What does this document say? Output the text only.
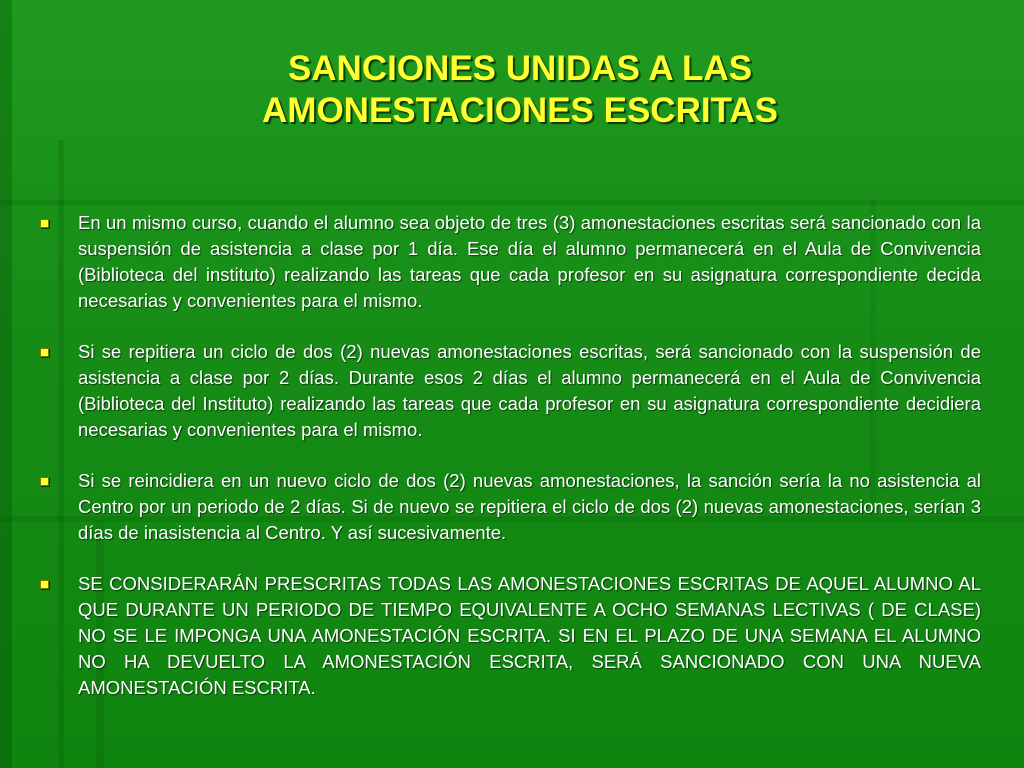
SANCIONES UNIDAS A LAS
AMONESTACIONES ESCRITAS
En un mismo curso, cuando el alumno sea objeto de tres (3) amonestaciones escritas será sancionado con la suspensión de asistencia a clase por 1 día. Ese día el alumno permanecerá en el Aula de Convivencia (Biblioteca del instituto) realizando las tareas que cada profesor en su asignatura correspondiente decida necesarias y convenientes para el mismo.
Si se repitiera un ciclo de dos (2) nuevas amonestaciones escritas, será sancionado con la suspensión de asistencia a clase por 2 días. Durante esos 2 días el alumno permanecerá en el Aula de Convivencia (Biblioteca del Instituto) realizando las tareas que cada profesor en su asignatura correspondiente decidiera necesarias y convenientes para el mismo.
Si se reincidiera en un nuevo ciclo de dos (2) nuevas amonestaciones, la sanción sería la no asistencia al Centro por un periodo de 2 días. Si de nuevo se repitiera el ciclo de dos (2) nuevas amonestaciones, serían 3 días de inasistencia al Centro. Y así sucesivamente.
SE CONSIDERARÁN PRESCRITAS TODAS LAS AMONESTACIONES ESCRITAS DE AQUEL ALUMNO AL QUE DURANTE UN PERIODO DE TIEMPO EQUIVALENTE A OCHO SEMANAS LECTIVAS ( DE CLASE) NO SE LE IMPONGA UNA AMONESTACIÓN ESCRITA. SI EN EL PLAZO DE UNA SEMANA EL ALUMNO NO HA DEVUELTO LA AMONESTACIÓN ESCRITA, SERÁ SANCIONADO CON UNA NUEVA AMONESTACIÓN ESCRITA.
